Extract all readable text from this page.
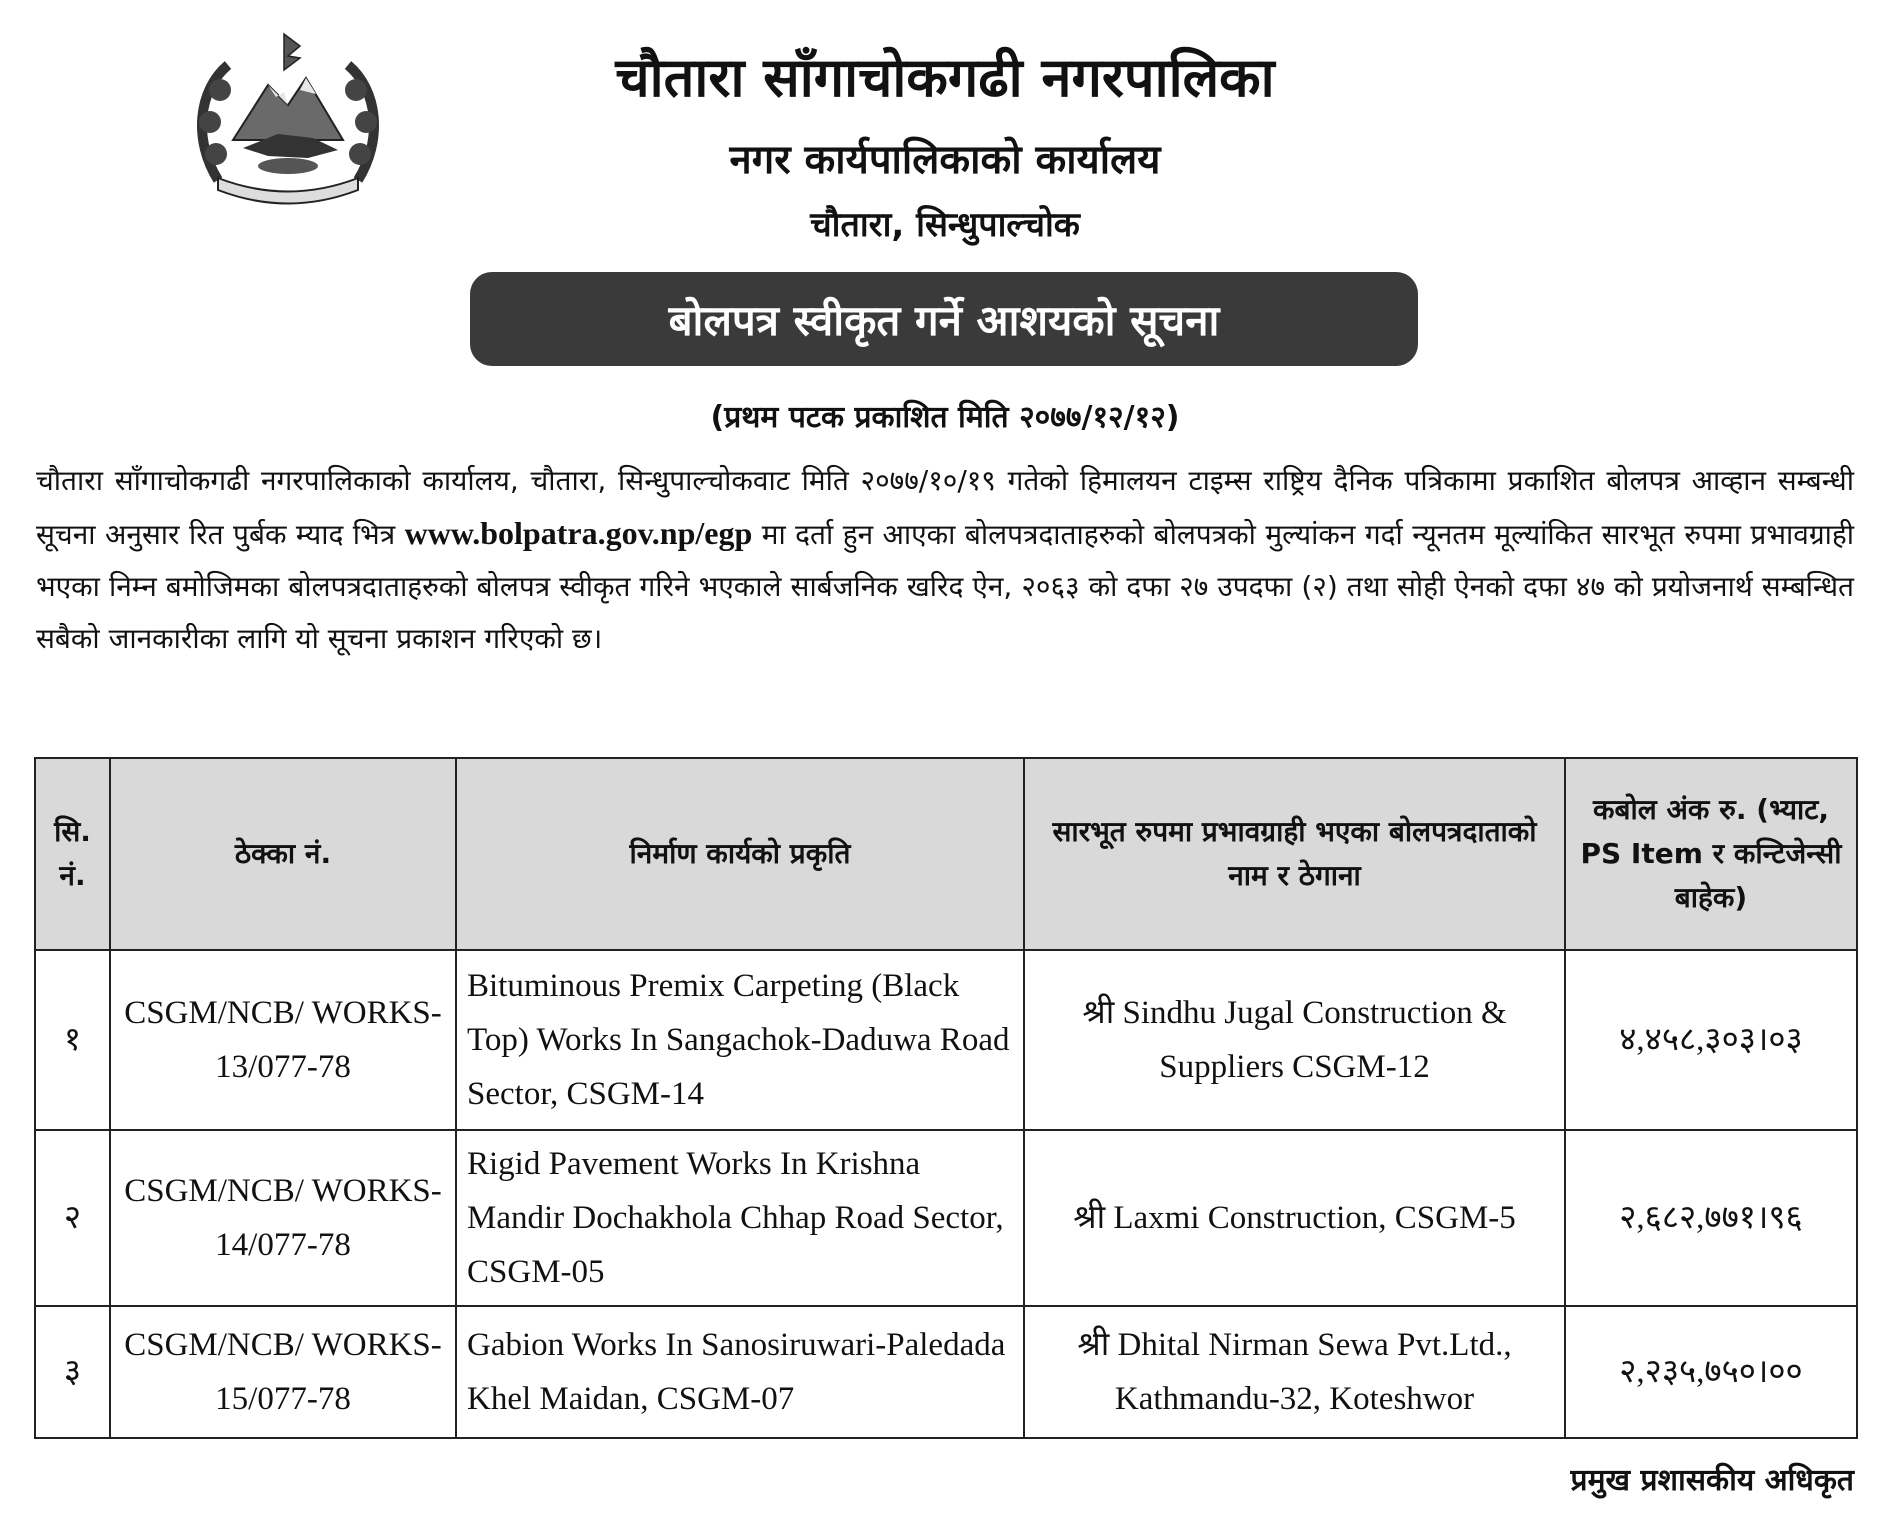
चौतारा साँगाचोकगढी नगरपालिका
नगर कार्यपालिकाको कार्यालय
चौतारा, सिन्धुपाल्चोक
बोलपत्र स्वीकृत गर्ने आशयको सूचना
(प्रथम पटक प्रकाशित मिति २०७७/१२/१२)
चौतारा साँगाचोकगढी नगरपालिकाको कार्यालय, चौतारा, सिन्धुपाल्चोकवाट मिति २०७७/१०/१९ गतेको हिमालयन टाइम्स राष्ट्रिय दैनिक पत्रिकामा प्रकाशित बोलपत्र आव्हान सम्बन्धी सूचना अनुसार रित पुर्बक म्याद भित्र www.bolpatra.gov.np/egp मा दर्ता हुन आएका बोलपत्रदाताहरुको बोलपत्रको मुल्यांकन गर्दा न्यूनतम मूल्यांकित सारभूत रुपमा प्रभावग्राही भएका निम्न बमोजिमका बोलपत्रदाताहरुको बोलपत्र स्वीकृत गरिने भएकाले सार्बजनिक खरिद ऐन, २०६३ को दफा २७ उपदफा (२) तथा सोही ऐनको दफा ४७ को प्रयोजनार्थ सम्बन्धित सबैको जानकारीका लागि यो सूचना प्रकाशन गरिएको छ।
सि. नं.	ठेक्का नं.	निर्माण कार्यको प्रकृति	सारभूत रुपमा प्रभावग्राही भएका बोलपत्रदाताको नाम र ठेगाना	कबोल अंक रु. (भ्याट, PS Item र कन्टिजेन्सी बाहेक)
१	CSGM/NCB/ WORKS-13/077-78	Bituminous Premix Carpeting (Black Top) Works In Sangachok-Daduwa Road Sector, CSGM-14	श्री Sindhu Jugal Construction & Suppliers CSGM-12	४,४५८,३०३।०३
२	CSGM/NCB/ WORKS-14/077-78	Rigid Pavement Works In Krishna Mandir Dochakhola Chhap Road Sector, CSGM-05	श्री Laxmi Construction, CSGM-5	२,६८२,७७१।९६
३	CSGM/NCB/ WORKS-15/077-78	Gabion Works In Sanosiruwari-Paledada Khel Maidan, CSGM-07	श्री Dhital Nirman Sewa Pvt.Ltd., Kathmandu-32, Koteshwor	२,२३५,७५०।००
प्रमुख प्रशासकीय अधिकृत
